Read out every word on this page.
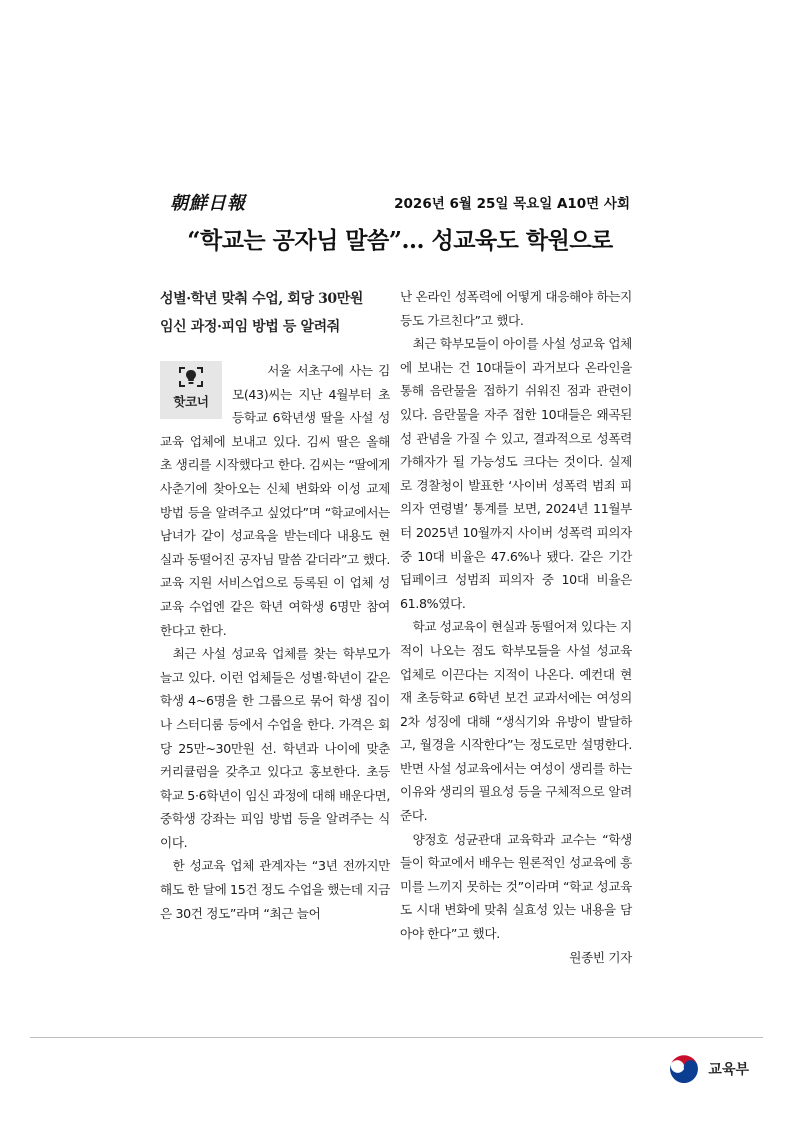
朝鮮日報	2026년 6월 25일 목요일 A10면 사회
“학교는 공자님 말씀”… 성교육도 학원으로
성별·학년 맞춰 수업, 회당 30만원
임신 과정·피임 방법 등 알려줘
핫코너

서울 서초구에 사는 김모(43)씨는 지난 4월부터 초등학교 6학년생 딸을 사설 성교육 업체에 보내고 있다. 김씨 딸은 올해 초 생리를 시작했다고 한다. 김씨는 “딸에게 사춘기에 찾아오는 신체 변화와 이성 교제 방법 등을 알려주고 싶었다”며 “학교에서는 남녀가 같이 성교육을 받는데다 내용도 현실과 동떨어진 공자님 말씀 같더라”고 했다. 교육 지원 서비스업으로 등록된 이 업체 성교육 수업엔 같은 학년 여학생 6명만 참여한다고 한다.

최근 사설 성교육 업체를 찾는 학부모가 늘고 있다. 이런 업체들은 성별·학년이 같은 학생 4~6명을 한 그룹으로 묶어 학생 집이나 스터디룸 등에서 수업을 한다. 가격은 회당 25만~30만원 선. 학년과 나이에 맞춘 커리큘럼을 갖추고 있다고 홍보한다. 초등학교 5·6학년이 임신 과정에 대해 배운다면, 중학생 강좌는 피임 방법 등을 알려주는 식이다.

한 성교육 업체 관계자는 “3년 전까지만 해도 한 달에 15건 정도 수업을 했는데 지금은 30건 정도”라며 “최근 늘어

난 온라인 성폭력에 어떻게 대응해야 하는지 등도 가르친다”고 했다.

최근 학부모들이 아이를 사설 성교육 업체에 보내는 건 10대들이 과거보다 온라인을 통해 음란물을 접하기 쉬워진 점과 관련이 있다. 음란물을 자주 접한 10대들은 왜곡된 성 관념을 가질 수 있고, 결과적으로 성폭력 가해자가 될 가능성도 크다는 것이다. 실제로 경찰청이 발표한 ‘사이버 성폭력 범죄 피의자 연령별’ 통계를 보면, 2024년 11월부터 2025년 10월까지 사이버 성폭력 피의자 중 10대 비율은 47.6%나 됐다. 같은 기간 딥페이크 성범죄 피의자 중 10대 비율은 61.8%였다.

학교 성교육이 현실과 동떨어져 있다는 지적이 나오는 점도 학부모들을 사설 성교육 업체로 이끈다는 지적이 나온다. 예컨대 현재 초등학교 6학년 보건 교과서에는 여성의 2차 성징에 대해 “생식기와 유방이 발달하고, 월경을 시작한다”는 정도로만 설명한다. 반면 사설 성교육에서는 여성이 생리를 하는 이유와 생리의 필요성 등을 구체적으로 알려준다.

양정호 성균관대 교육학과 교수는 “학생들이 학교에서 배우는 원론적인 성교육에 흥미를 느끼지 못하는 것”이라며 “학교 성교육도 시대 변화에 맞춰 실효성 있는 내용을 담아야 한다”고 했다.

원종빈 기자

교육부
